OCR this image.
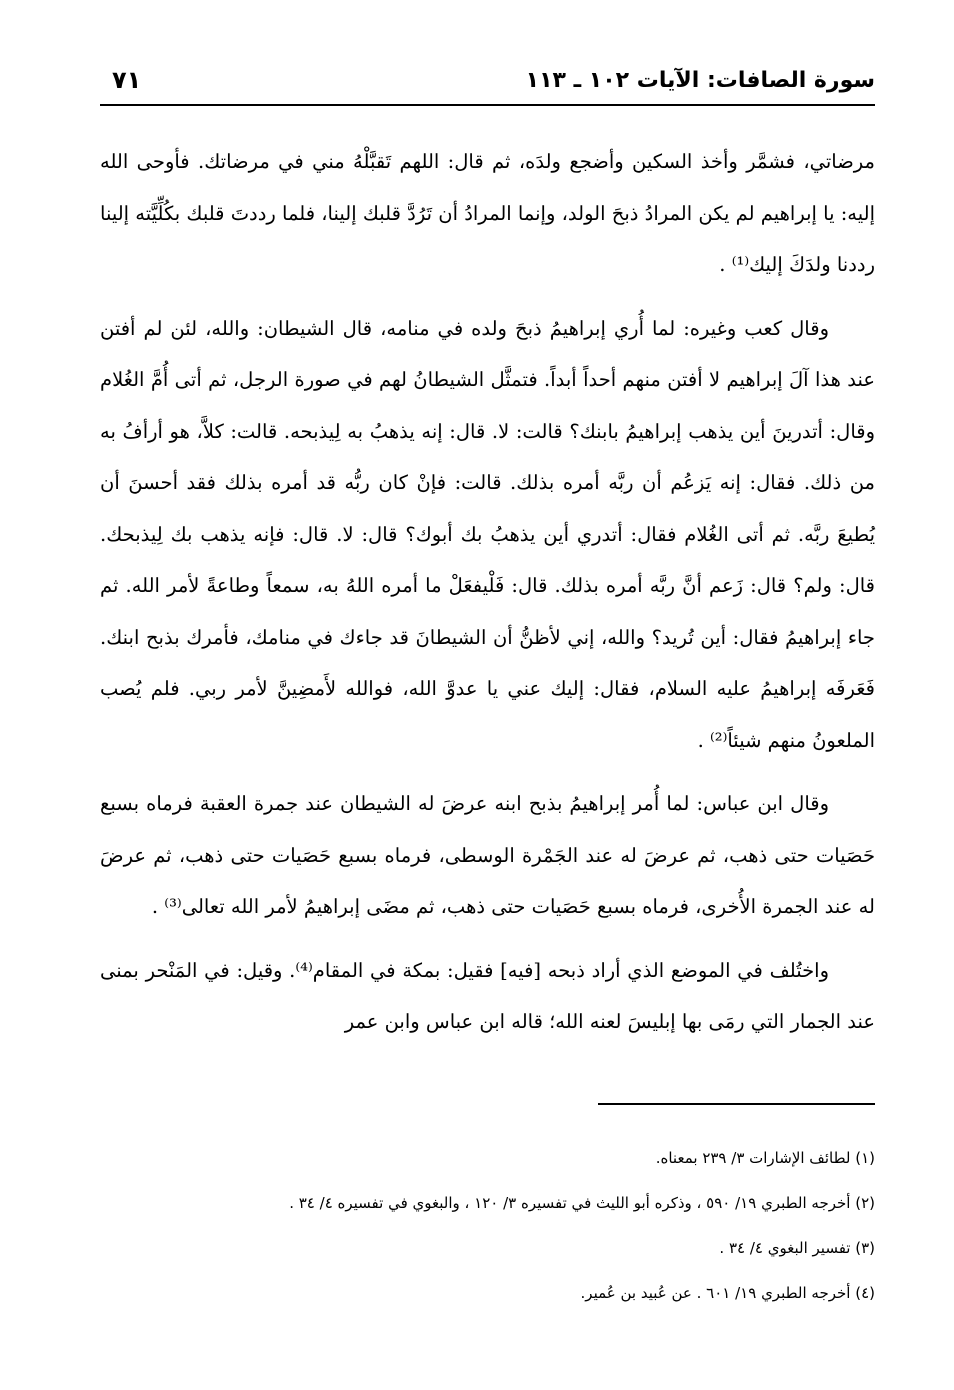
سورة الصافات: الآيات ١٠٢ ـ ١١٣
٧١

مرضاتي، فشمَّر وأخذ السكين وأضجع ولدَه، ثم قال: اللهم تَقبَّلْهُ مني في مرضاتك. فأوحى الله إليه: يا إبراهيم لم يكن المرادُ ذبحَ الولد، وإنما المرادُ أن تَرُدَّ قلبك إلينا، فلما رددتَ قلبك بكُلِّيَّته إلينا رددنا ولدَكَ إليك⁽¹⁾ .

وقال كعب وغيره: لما أُري إبراهيمُ ذبحَ ولده في منامه، قال الشيطان: والله، لئن لم أفتن عند هذا آلَ إبراهيم لا أفتن منهم أحداً أبداً. فتمثَّل الشيطانُ لهم في صورة الرجل، ثم أتى أُمَّ الغُلام وقال: أتدرينَ أين يذهب إبراهيمُ بابنك؟ قالت: لا. قال: إنه يذهبُ به لِيذبحه. قالت: كلاَّ، هو أرأفُ به من ذلك. فقال: إنه يَزعُم أن ربَّه أمره بذلك. قالت: فإنْ كان ربُّه قد أمره بذلك فقد أحسنَ أن يُطيعَ ربَّه. ثم أتى الغُلام فقال: أتدري أين يذهبُ بك أبوك؟ قال: لا. قال: فإنه يذهب بك لِيذبحك. قال: ولم؟ قال: زَعم أنَّ ربَّه أمره بذلك. قال: فَلْيفعَلْ ما أمره اللهُ به، سمعاً وطاعةً لأمر الله. ثم جاء إبراهيمُ فقال: أين تُريد؟ والله، إني لأظنُّ أن الشيطانَ قد جاءك في منامك، فأمرك بذبح ابنك. فَعَرفَه إبراهيمُ عليه السلام، فقال: إليك عني يا عدوَّ الله، فوالله لأَمضِينَّ لأمر ربي. فلم يُصب الملعونُ منهم شيئاً⁽²⁾ .

وقال ابن عباس: لما أُمر إبراهيمُ بذبح ابنه عرضَ له الشيطان عند جمرة العقبة فرماه بسبع حَصَيات حتى ذهب، ثم عرضَ له عند الجَمْرة الوسطى، فرماه بسبع حَصَيات حتى ذهب، ثم عرضَ له عند الجمرة الأُخرى، فرماه بسبع حَصَيات حتى ذهب، ثم مضَى إبراهيمُ لأمر الله تعالى⁽³⁾ .

واختُلف في الموضع الذي أراد ذبحه [فيه] فقيل: بمكة في المقام⁽⁴⁾. وقيل: في المَنْحر بمنى عند الجمار التي رمَى بها إبليسَ لعنه الله؛ قاله ابن عباس وابن عمر

(١) لطائف الإشارات ٣/ ٢٣٩ بمعناه.
(٢) أخرجه الطبري ١٩/ ٥٩٠ ، وذكره أبو الليث في تفسيره ٣/ ١٢٠ ، والبغوي في تفسيره ٤/ ٣٤ .
(٣) تفسير البغوي ٤/ ٣٤ .
(٤) أخرجه الطبري ١٩/ ٦٠١ . عن عُبيد بن عُمير.
